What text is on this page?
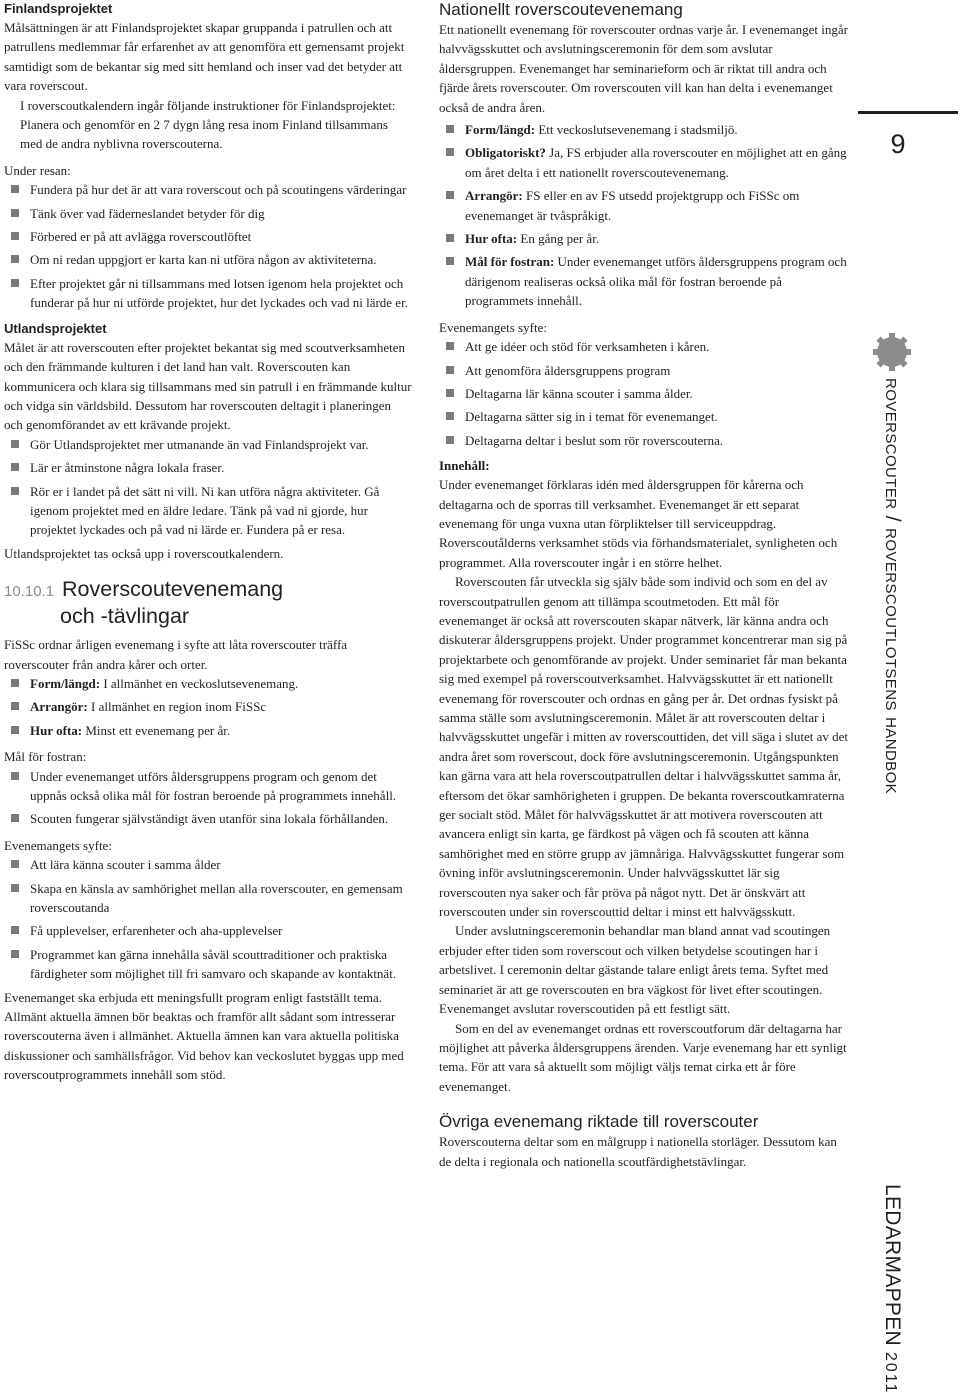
Finlandsprojektet

Målsättningen är att Finlandsprojektet skapar gruppanda i patrullen och att patrullens medlemmar får erfarenhet av att genomföra ett gemensamt projekt samtidigt som de bekantar sig med sitt hemland och inser vad det betyder att vara roverscout.

I roverscoutkalendern ingår följande instruktioner för Finlandsprojektet:

Planera och genomför en 2 7 dygn lång resa inom Finland tillsammans med de andra nyblivna roverscouterna.

Under resan:

Fundera på hur det är att vara roverscout och på scoutingens värderingar
Tänk över vad fäderneslandet betyder för dig
Förbered er på att avlägga roverscoutlöftet
Om ni redan uppgjort er karta kan ni utföra någon av aktiviteterna.
Efter projektet går ni tillsammans med lotsen igenom hela projektet och funderar på hur ni utförde projektet, hur det lyckades och vad ni lärde er.
Utlandsprojektet

Målet är att roverscouten efter projektet bekantat sig med scoutverksamheten och den främmande kulturen i det land han valt. Roverscouten kan kommunicera och klara sig tillsammans med sin patrull i en främmande kultur och vidga sin världsbild. Dessutom har roverscouten deltagit i planeringen och genomförandet av ett krävande projekt.

Gör Utlandsprojektet mer utmanande än vad Finlandsprojekt var.
Lär er åtminstone några lokala fraser.
Rör er i landet på det sätt ni vill. Ni kan utföra några aktiviteter. Gå igenom projektet med en äldre ledare. Tänk på vad ni gjorde, hur projektet lyckades och på vad ni lärde er. Fundera på er resa.

Utlandsprojektet tas också upp i roverscoutkalendern.

10.10.1 Roverscoutevenemang
och -tävlingar

FiSSc ordnar årligen evenemang i syfte att låta roverscouter träffa roverscouter från andra kårer och orter.

Form/längd: I allmänhet en veckoslutsevenemang.
Arrangör: I allmänhet en region inom FiSSc
Hur ofta: Minst ett evenemang per år.

Mål för fostran:

Under evenemanget utförs åldersgruppens program och genom det uppnås också olika mål för fostran beroende på programmets innehåll.
Scouten fungerar självständigt även utanför sina lokala förhållanden.

Evenemangets syfte:

Att lära känna scouter i samma ålder
Skapa en känsla av samhörighet mellan alla roverscouter, en gemensam roverscoutanda
Få upplevelser, erfarenheter och aha-upplevelser
Programmet kan gärna innehålla såväl scouttraditioner och praktiska färdigheter som möjlighet till fri samvaro och skapande av kontaktnät.

Evenemanget ska erbjuda ett meningsfullt program enligt fastställt tema. Allmänt aktuella ämnen bör beaktas och framför allt sådant som intresserar roverscouterna även i allmänhet. Aktuella ämnen kan vara aktuella politiska diskussioner och samhällsfrågor. Vid behov kan veckoslutet byggas upp med roverscoutprogrammets innehåll som stöd.

Nationellt roverscoutevenemang

Ett nationellt evenemang för roverscouter ordnas varje år. I evenemanget ingår halvvägsskuttet och avslutningsceremonin för dem som avslutar åldersgruppen. Evenemanget har seminarieform och är riktat till andra och fjärde årets roverscouter. Om roverscouten vill kan han delta i evenemanget också de andra åren.

Form/längd: Ett veckoslutsevenemang i stadsmiljö.
Obligatoriskt? Ja, FS erbjuder alla roverscouter en möjlighet att en gång om året delta i ett nationellt roverscoutevenemang.
Arrangör: FS eller en av FS utsedd projektgrupp och FiSSc om evenemanget är tvåspråkigt.
Hur ofta: En gång per år.
Mål för fostran: Under evenemanget utförs åldersgruppens program och därigenom realiseras också olika mål för fostran beroende på programmets innehåll.

Evenemangets syfte:

Att ge idéer och stöd för verksamheten i kåren.
Att genomföra åldersgruppens program
Deltagarna lär känna scouter i samma ålder.
Deltagarna sätter sig in i temat för evenemanget.
Deltagarna deltar i beslut som rör roverscouterna.
Innehåll:

Under evenemanget förklaras idén med åldersgruppen för kårerna och deltagarna och de sporras till verksamhet. Evenemanget är ett separat evenemang för unga vuxna utan förpliktelser till serviceuppdrag. Roverscoutålderns verksamhet stöds via förhandsmaterialet, synligheten och programmet. Alla roverscouter ingår i en större helhet.

Roverscouten får utveckla sig själv både som individ och som en del av roverscoutpatrullen genom att tillämpa scoutmetoden. Ett mål för evenemanget är också att roverscouten skapar nätverk, lär känna andra och diskuterar åldersgruppens projekt. Under programmet koncentrerar man sig på projektarbete och genomförande av projekt. Under seminariet får man bekanta sig med exempel på roverscoutverksamhet. Halvvägsskuttet är ett nationellt evenemang för roverscouter och ordnas en gång per år. Det ordnas fysiskt på samma ställe som avslutningsceremonin. Målet är att roverscouten deltar i halvvägsskuttet ungefär i mitten av roverscouttiden, det vill säga i slutet av det andra året som roverscout, dock före avslutningsceremonin. Utgångspunkten kan gärna vara att hela roverscoutpatrullen deltar i halvvägsskuttet samma år, eftersom det ökar samhörigheten i gruppen. De bekanta roverscoutkamraterna ger socialt stöd. Målet för halvvägsskuttet är att motivera roverscouten att avancera enligt sin karta, ge färdkost på vägen och få scouten att känna samhörighet med en större grupp av jämnåriga. Halvvägsskuttet fungerar som övning inför avslutningsceremonin. Under halvvägsskuttet lär sig roverscouten nya saker och får pröva på något nytt. Det är önskvärt att roverscouten under sin roverscouttid deltar i minst ett halvvägsskutt.

Under avslutningsceremonin behandlar man bland annat vad scoutingen erbjuder efter tiden som roverscout och vilken betydelse scoutingen har i arbetslivet. I ceremonin deltar gästande talare enligt årets tema. Syftet med seminariet är att ge roverscouten en bra vägkost för livet efter scoutingen. Evenemanget avslutar roverscoutiden på ett festligt sätt.

Som en del av evenemanget ordnas ett roverscoutforum där deltagarna har möjlighet att påverka åldersgruppens ärenden. Varje evenemang har ett synligt tema. För att vara så aktuellt som möjligt väljs temat cirka ett år före evenemanget.

Övriga evenemang riktade till roverscouter

Roverscouterna deltar som en målgrupp i nationella storläger. Dessutom kan de delta i regionala och nationella scoutfärdighetstävlingar.

9
roverscouter / roverscoutlotsens handbok
LEDARMAPPEN2011
